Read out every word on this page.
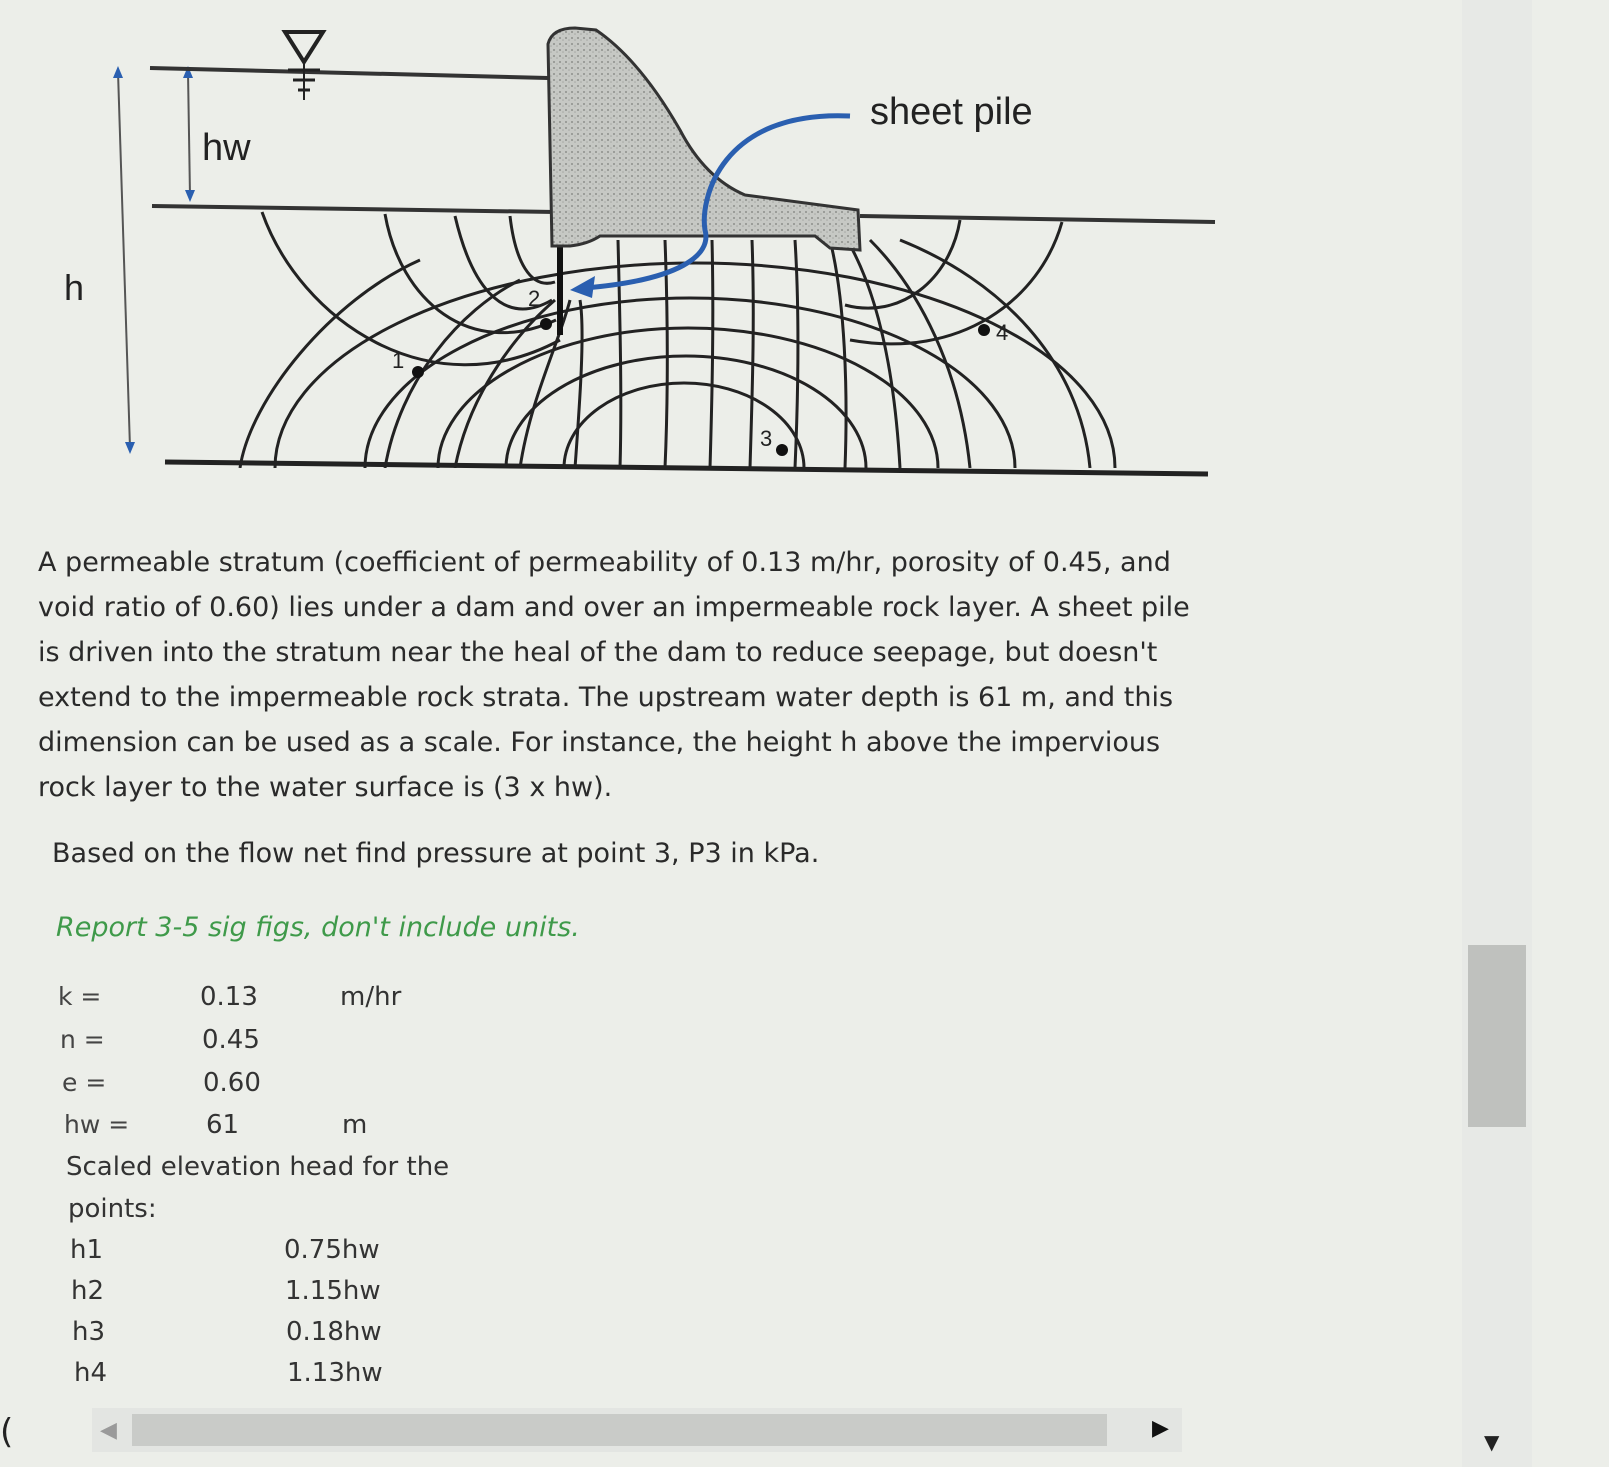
h
hw
sheet pile
1
2
3
4

A permeable stratum (coefficient of permeability of 0.13 m/hr, porosity of 0.45, and void ratio of 0.60) lies under a dam and over an impermeable rock layer. A sheet pile is driven into the stratum near the heal of the dam to reduce seepage, but doesn't extend to the impermeable rock strata. The upstream water depth is 61 m, and this dimension can be used as a scale. For instance, the height h above the impervious rock layer to the water surface is (3 x hw).

Based on the flow net find pressure at point 3, P3 in kPa.
Report 3-5 sig figs, don't include units.
k =	0.13	m/hr
n =	0.45
e =	0.60
hw =	61	m
Scaled elevation head for the
points:
h1	0.75hw
h2	1.15hw
h3	0.18hw
h4	1.13hw
◀	▶
▼
(
